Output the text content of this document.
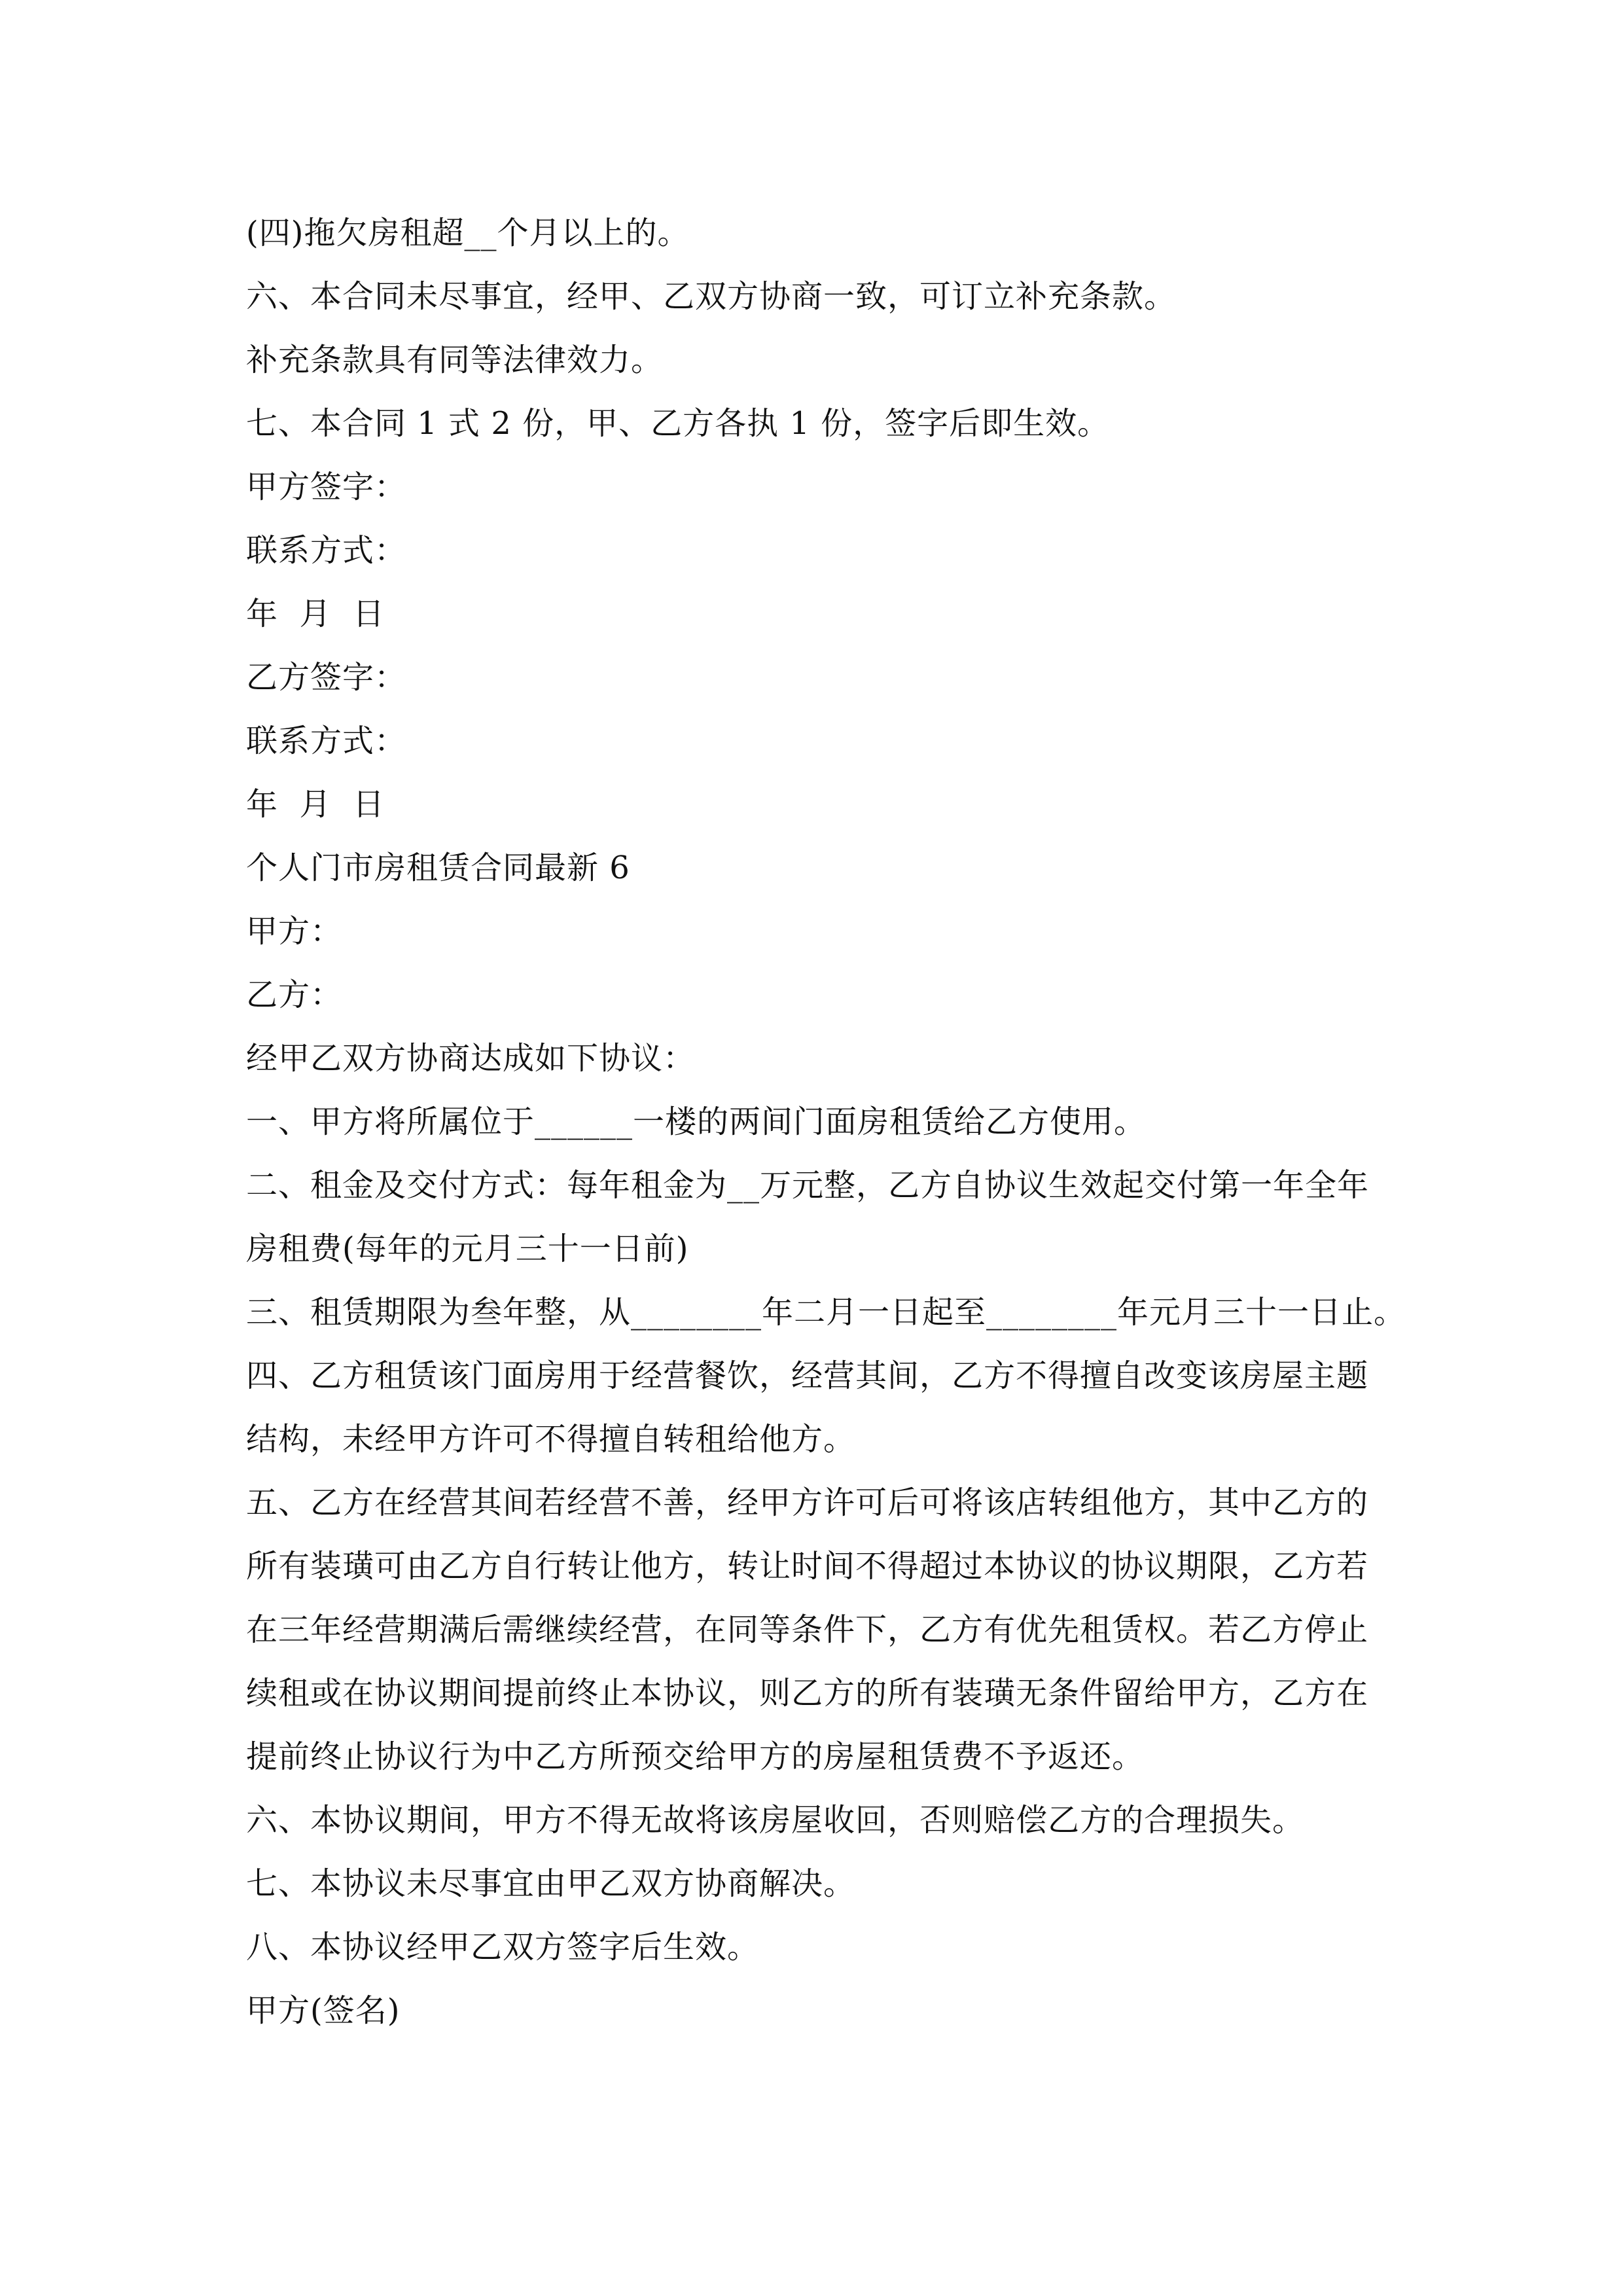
(四)拖欠房租超__个月以上的。

六、本合同未尽事宜，经甲、乙双方协商一致，可订立补充条款。

补充条款具有同等法律效力。

七、本合同 1 式 2 份，甲、乙方各执 1 份，签字后即生效。

甲方签字：

联系方式：

年  月  日

乙方签字：

联系方式：

年  月  日

个人门市房租赁合同最新 6

甲方：

乙方：

经甲乙双方协商达成如下协议：

一、甲方将所属位于______一楼的两间门面房租赁给乙方使用。

二、租金及交付方式：每年租金为__万元整，乙方自协议生效起交付第一年全年

房租费(每年的元月三十一日前)

三、租赁期限为叁年整，从________年二月一日起至________年元月三十一日止。

四、乙方租赁该门面房用于经营餐饮，经营其间，乙方不得擅自改变该房屋主题

结构，未经甲方许可不得擅自转租给他方。

五、乙方在经营其间若经营不善，经甲方许可后可将该店转组他方，其中乙方的

所有装璜可由乙方自行转让他方，转让时间不得超过本协议的协议期限，乙方若

在三年经营期满后需继续经营，在同等条件下，乙方有优先租赁权。若乙方停止

续租或在协议期间提前终止本协议，则乙方的所有装璜无条件留给甲方，乙方在

提前终止协议行为中乙方所预交给甲方的房屋租赁费不予返还。

六、本协议期间，甲方不得无故将该房屋收回，否则赔偿乙方的合理损失。

七、本协议未尽事宜由甲乙双方协商解决。

八、本协议经甲乙双方签字后生效。

甲方(签名)
